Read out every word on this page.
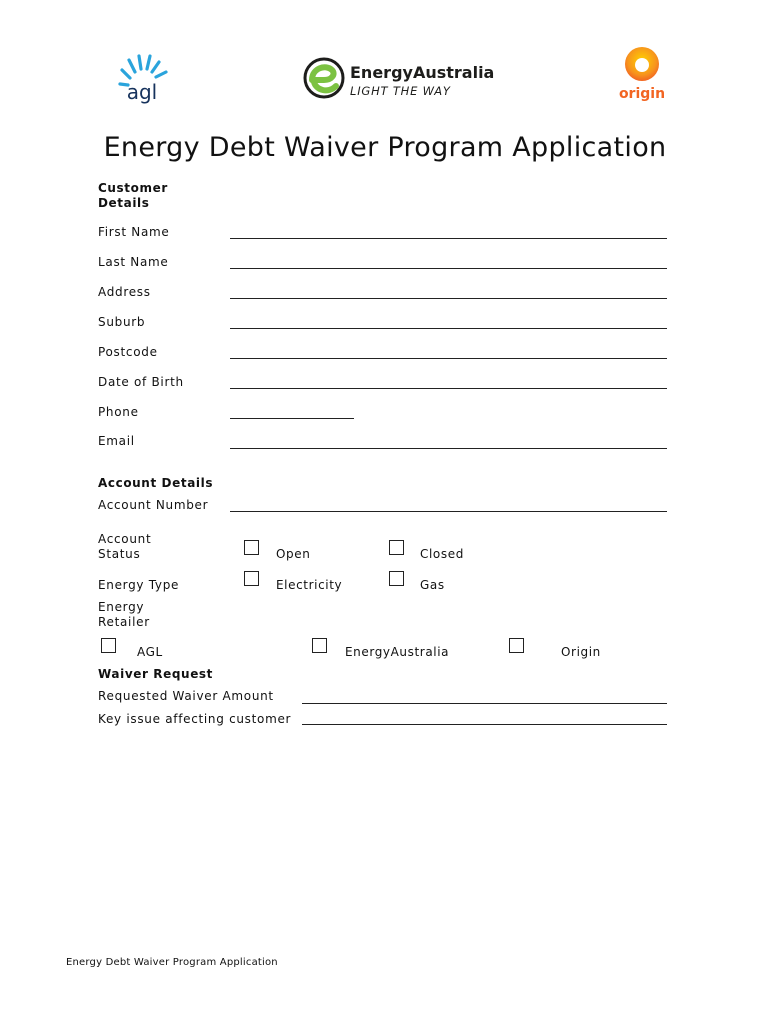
agl
EnergyAustralia
LIGHT THE WAY	origin
Energy Debt Waiver Program Application
Customer
Details
First Name
Last Name
Address
Suburb
Postcode
Date of Birth
Phone
Email
Account Details
Account Number
Account
Status	Open	Closed
Energy Type	Electricity	Gas
Energy
Retailer
AGL	EnergyAustralia	Origin
Waiver Request
Requested Waiver Amount
Key issue affecting customer
Energy Debt Waiver Program Application
